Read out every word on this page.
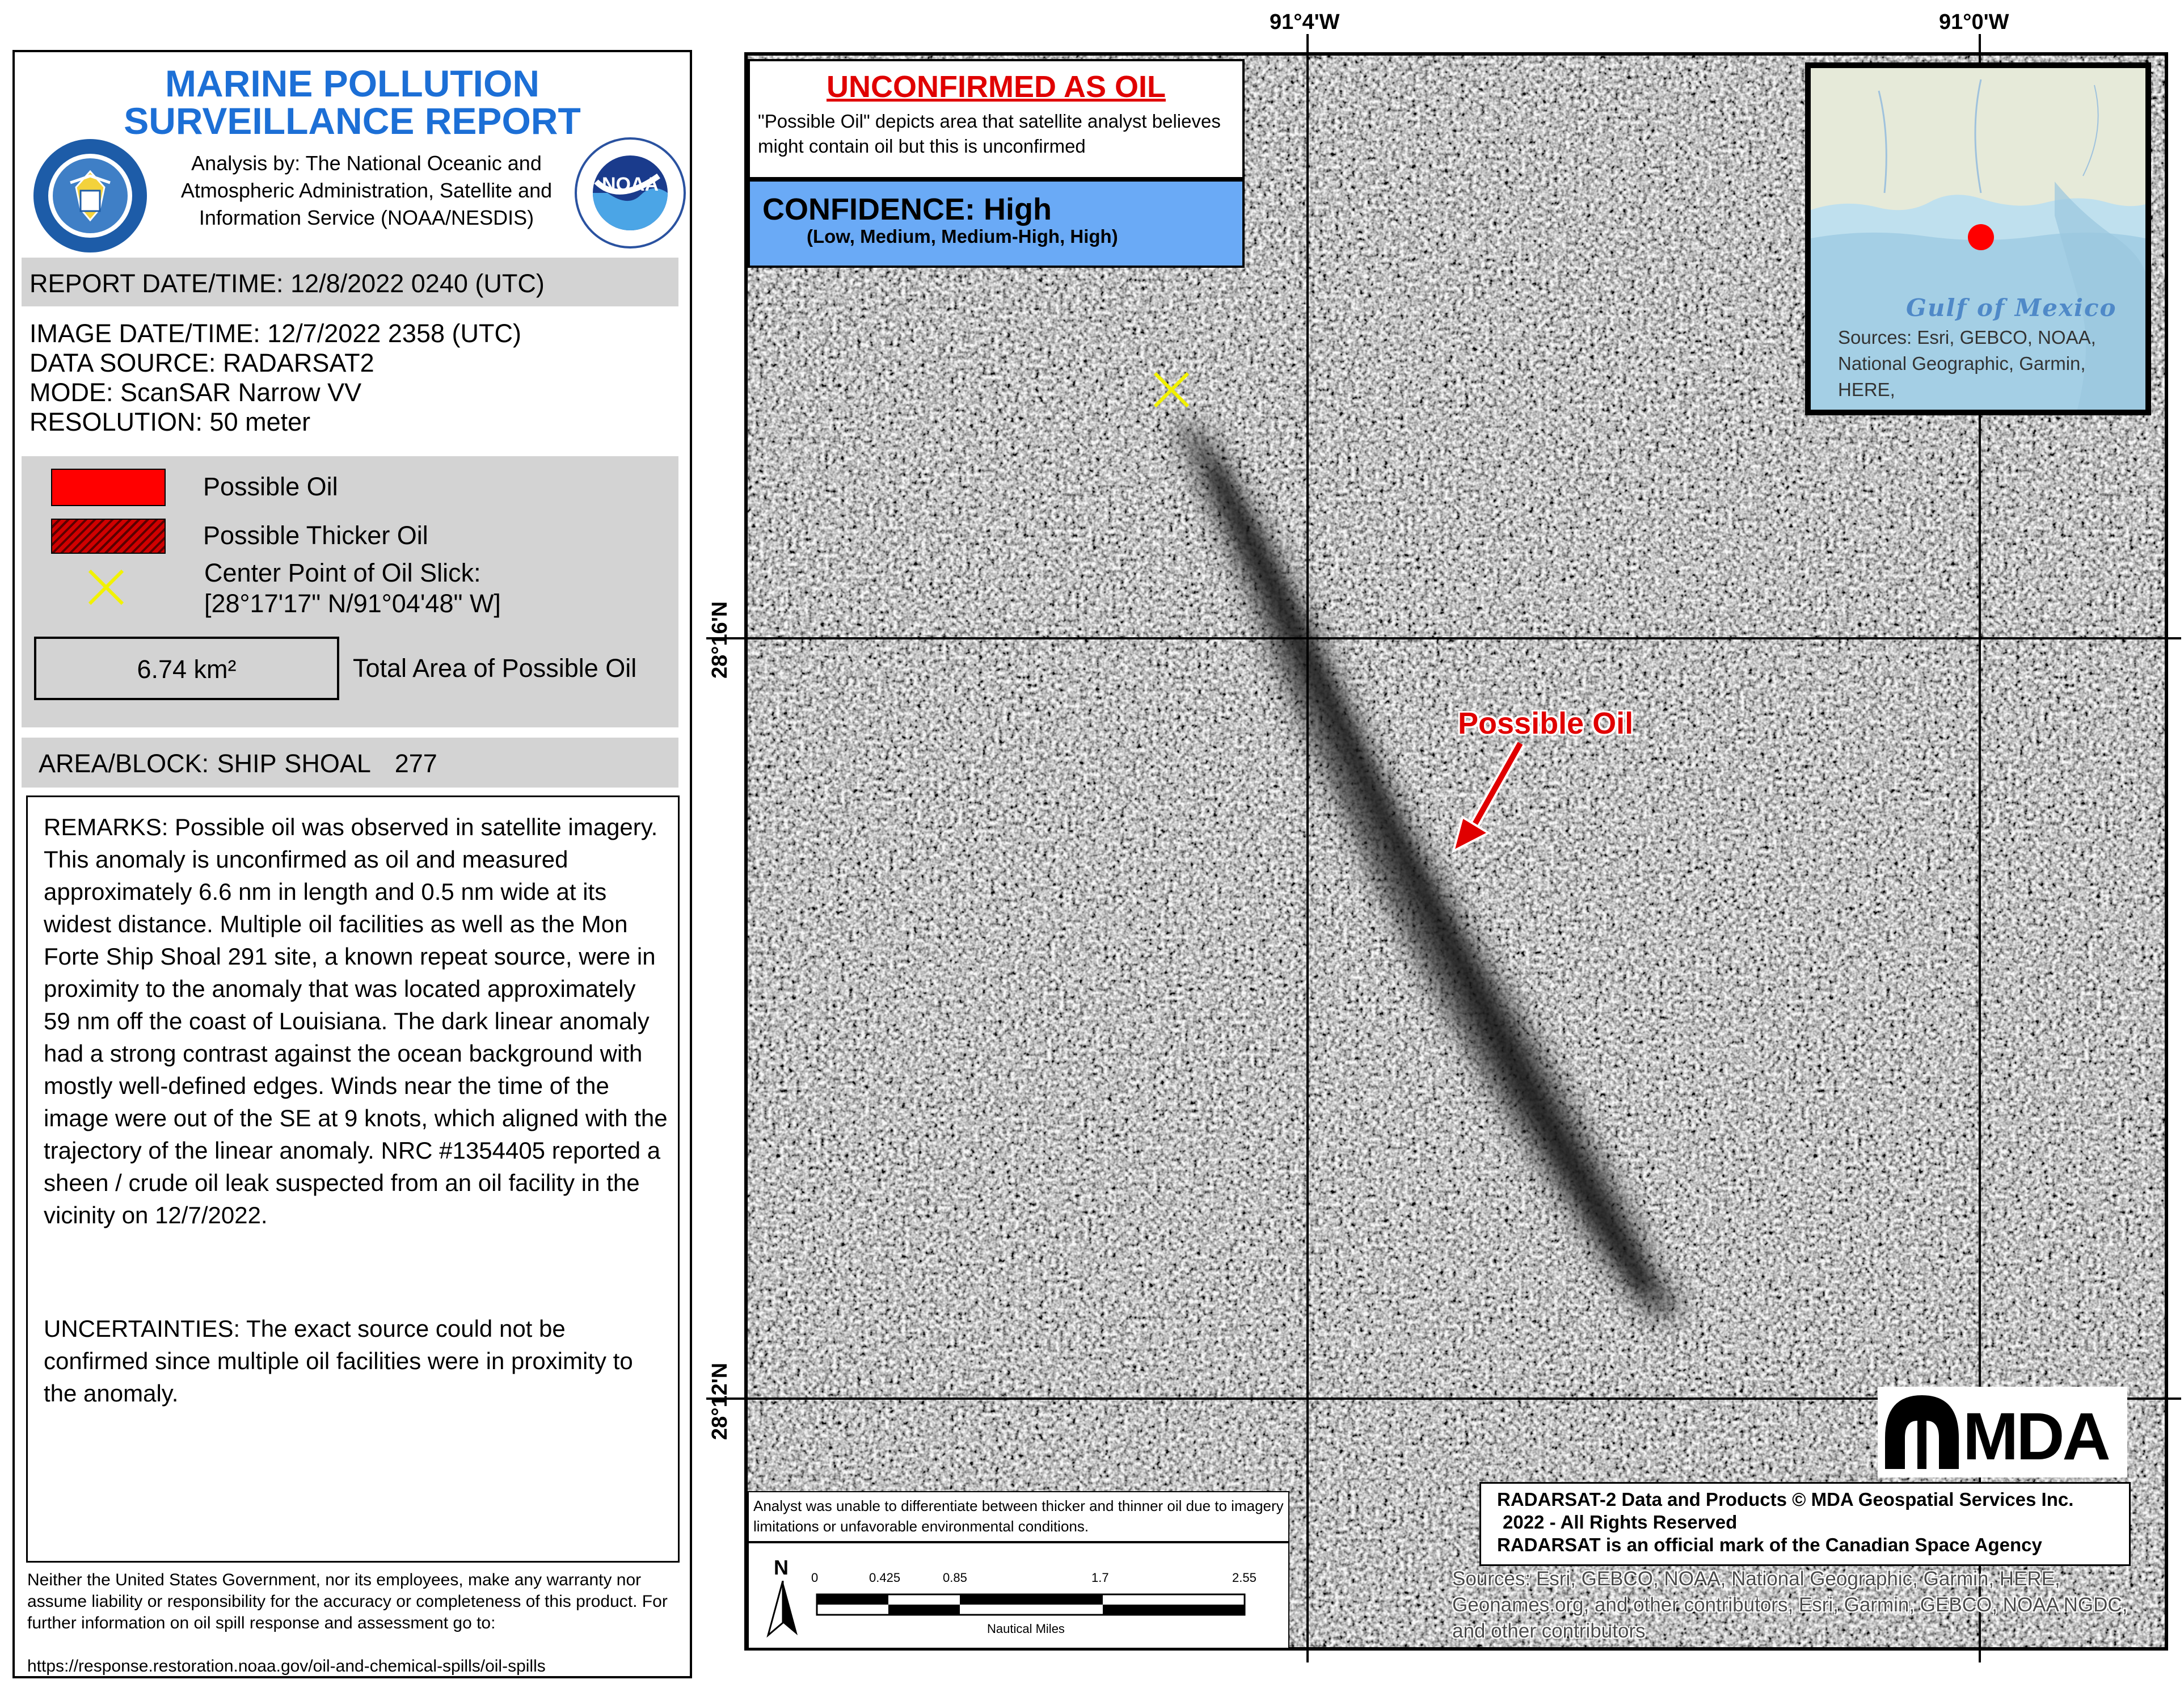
MARINE POLLUTION
SURVEILLANCE REPORT
Analysis by: The National Oceanic and Atmospheric Administration, Satellite and Information Service (NOAA/NESDIS)
NOAA
REPORT DATE/TIME: 12/8/2022 0240 (UTC)
IMAGE DATE/TIME: 12/7/2022 2358 (UTC)
DATA SOURCE: RADARSAT2
MODE: ScanSAR Narrow VV
RESOLUTION: 50 meter
Possible Oil
Possible Thicker Oil
Center Point of Oil Slick:
[28°17'17" N/91°04'48" W]
6.74 km²	Total Area of Possible Oil
AREA/BLOCK: SHIP SHOAL   277
REMARKS: Possible oil was observed in satellite imagery. This anomaly is unconfirmed as oil and measured approximately 6.6 nm in length and 0.5 nm wide at its widest distance. Multiple oil facilities as well as the Mon Forte Ship Shoal 291 site, a known repeat source, were in proximity to the anomaly that was located approximately 59 nm off the coast of Louisiana. The dark linear anomaly had a strong contrast against the ocean background with mostly well-defined edges. Winds near the time of the image were out of the SE at 9 knots, which aligned with the trajectory of the linear anomaly. NRC #1354405 reported a sheen / crude oil leak suspected from an oil facility in the vicinity on 12/7/2022.
UNCERTAINTIES: The exact source could not be confirmed since multiple oil facilities were in proximity to the anomaly.
Neither the United States Government, nor its employees, make any warranty nor assume liability or responsibility for the accuracy or completeness of this product. For further information on oil spill response and assessment go to:
https://response.restoration.noaa.gov/oil-and-chemical-spills/oil-spills
91°4'W	91°0'W
28°16'N
28°12'N
UNCONFIRMED AS OIL
"Possible Oil" depicts area that satellite analyst believes might contain oil but this is unconfirmed
CONFIDENCE: High
(Low, Medium, Medium-High, High)
Gulf of Mexico
Sources: Esri, GEBCO, NOAA, National Geographic, Garmin, HERE,
Possible Oil
MDA
RADARSAT-2 Data and Products © MDA Geospatial Services Inc.
2022 - All Rights Reserved
RADARSAT is an official mark of the Canadian Space Agency
Sources: Esri, GEBCO, NOAA, National Geographic, Garmin, HERE, Geonames.org, and other contributors, Esri, Garmin, GEBCO, NOAA NGDC, and other contributors
Analyst was unable to differentiate between thicker and thinner oil due to imagery limitations or unfavorable environmental conditions.
N 0	0.425	0.85	1.7	2.55
Nautical Miles
